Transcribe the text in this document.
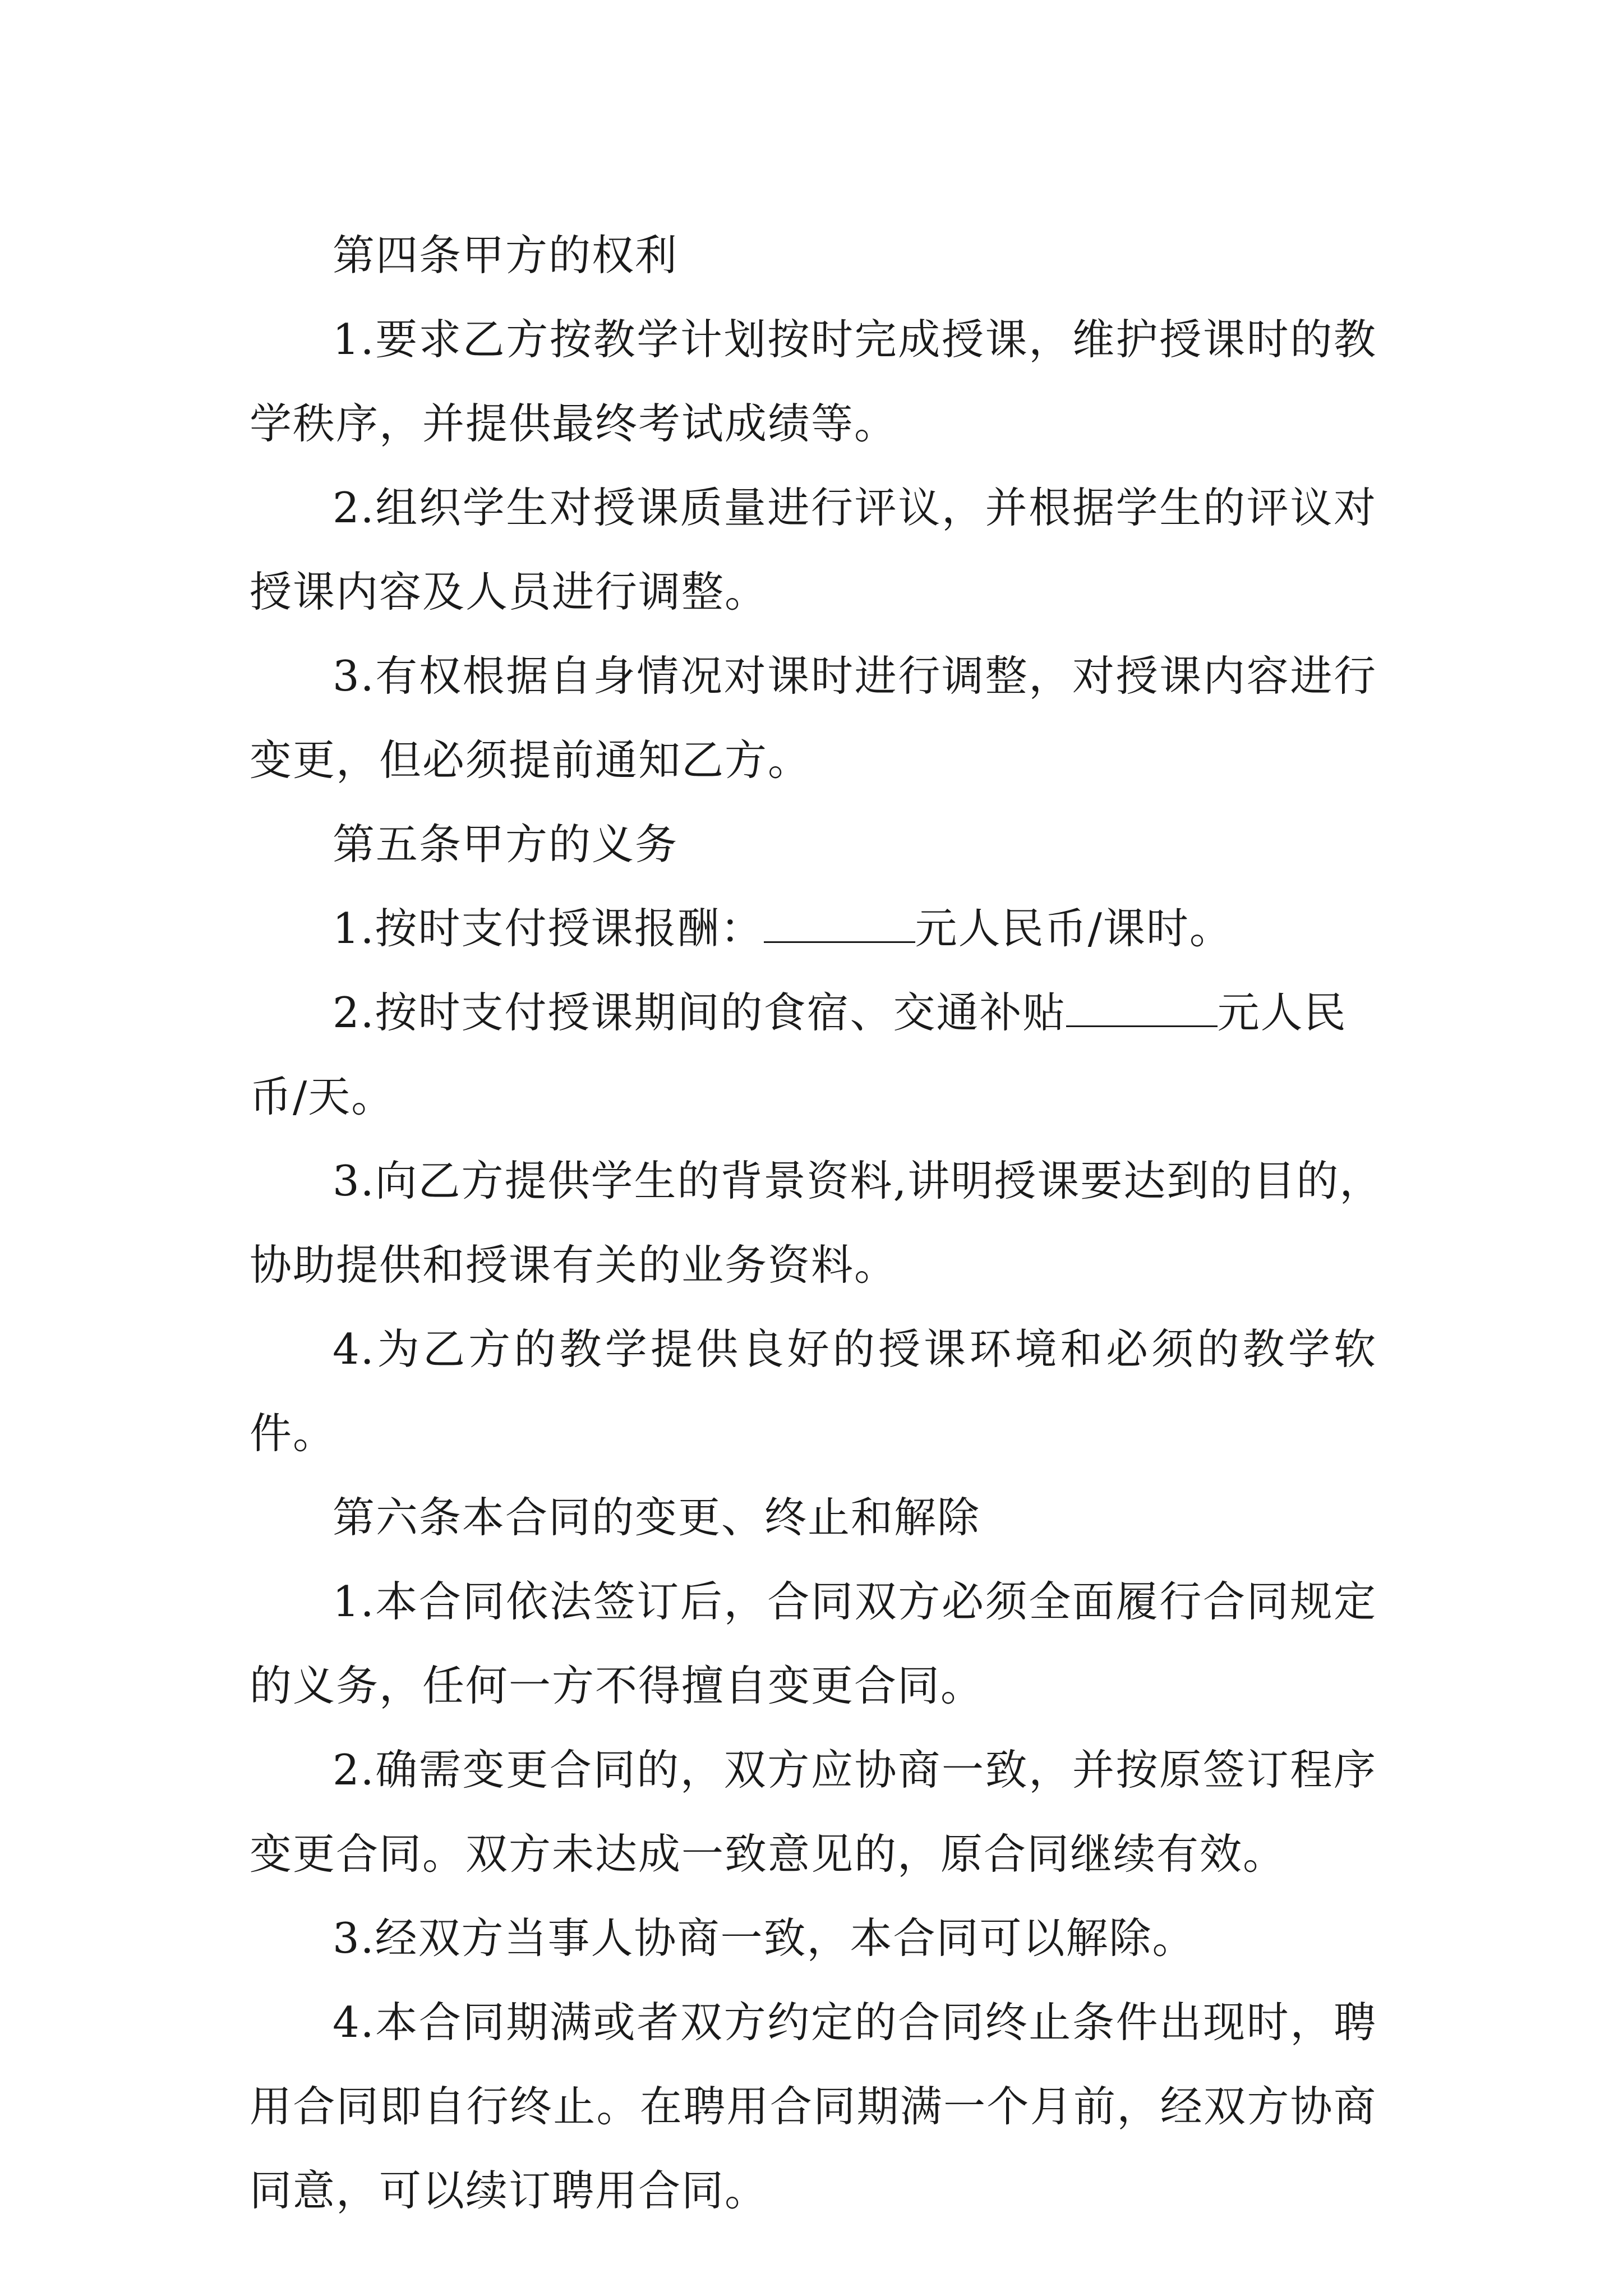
第四条甲方的权利
1.要求乙方按教学计划按时完成授课，维护授课时的教
学秩序，并提供最终考试成绩等。
2.组织学生对授课质量进行评议，并根据学生的评议对
授课内容及人员进行调整。
3.有权根据自身情况对课时进行调整，对授课内容进行
变更，但必须提前通知乙方。
第五条甲方的义务
1.按时支付授课报酬：	元人民币/课时。
2.按时支付授课期间的食宿、交通补贴	元人民
币/天。
3.向乙方提供学生的背景资料,讲明授课要达到的目的，
协助提供和授课有关的业务资料。
4.为乙方的教学提供良好的授课环境和必须的教学软
件。
第六条本合同的变更、终止和解除
1.本合同依法签订后，合同双方必须全面履行合同规定
的义务，任何一方不得擅自变更合同。
2.确需变更合同的，双方应协商一致，并按原签订程序
变更合同。双方未达成一致意见的，原合同继续有效。
3.经双方当事人协商一致，本合同可以解除。
4.本合同期满或者双方约定的合同终止条件出现时，聘
用合同即自行终止。在聘用合同期满一个月前，经双方协商
同意，可以续订聘用合同。
